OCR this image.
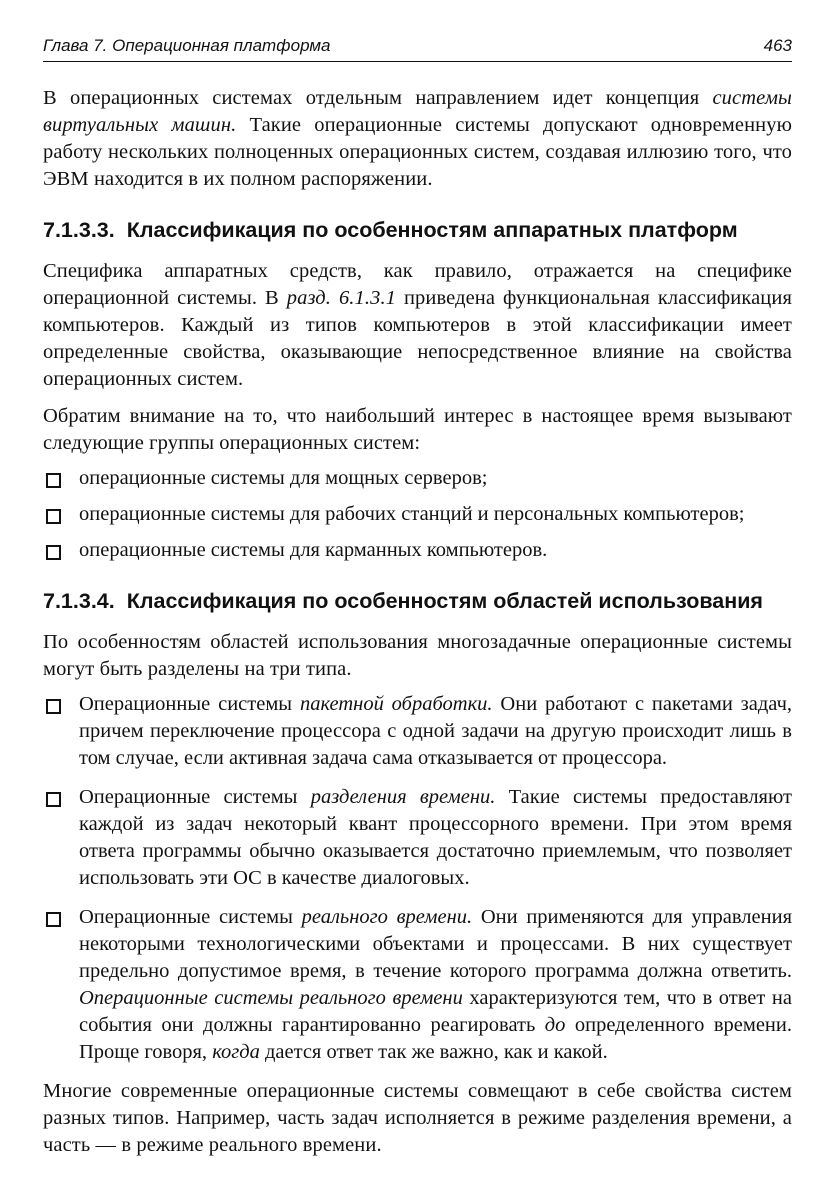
Глава 7. Операционная платформа	463

В операционных системах отдельным направлением идет концепция системы виртуальных машин. Такие операционные системы допускают одновременную работу нескольких полноценных операционных систем, создавая иллюзию того, что ЭВМ находится в их полном распоряжении.

7.1.3.3. Классификация по особенностям аппаратных платформ

Специфика аппаратных средств, как правило, отражается на специфике операционной системы. В разд. 6.1.3.1 приведена функциональная классификация компьютеров. Каждый из типов компьютеров в этой классификации имеет определенные свойства, оказывающие непосредственное влияние на свойства операционных систем.

Обратим внимание на то, что наибольший интерес в настоящее время вызывают следующие группы операционных систем:

операционные системы для мощных серверов;
операционные системы для рабочих станций и персональных компьютеров;
операционные системы для карманных компьютеров.
7.1.3.4. Классификация по особенностям областей использования

По особенностям областей использования многозадачные операционные системы могут быть разделены на три типа.

Операционные системы пакетной обработки. Они работают с пакетами задач, причем переключение процессора с одной задачи на другую происходит лишь в том случае, если активная задача сама отказывается от процессора.
Операционные системы разделения времени. Такие системы предоставляют каждой из задач некоторый квант процессорного времени. При этом время ответа программы обычно оказывается достаточно приемлемым, что позволяет использовать эти ОС в качестве диалоговых.
Операционные системы реального времени. Они применяются для управления некоторыми технологическими объектами и процессами. В них существует предельно допустимое время, в течение которого программа должна ответить. Операционные системы реального времени характеризуются тем, что в ответ на события они должны гарантированно реагировать до определенного времени. Проще говоря, когда дается ответ так же важно, как и какой.

Многие современные операционные системы совмещают в себе свойства систем разных типов. Например, часть задач исполняется в режиме разделения времени, а часть — в режиме реального времени.
